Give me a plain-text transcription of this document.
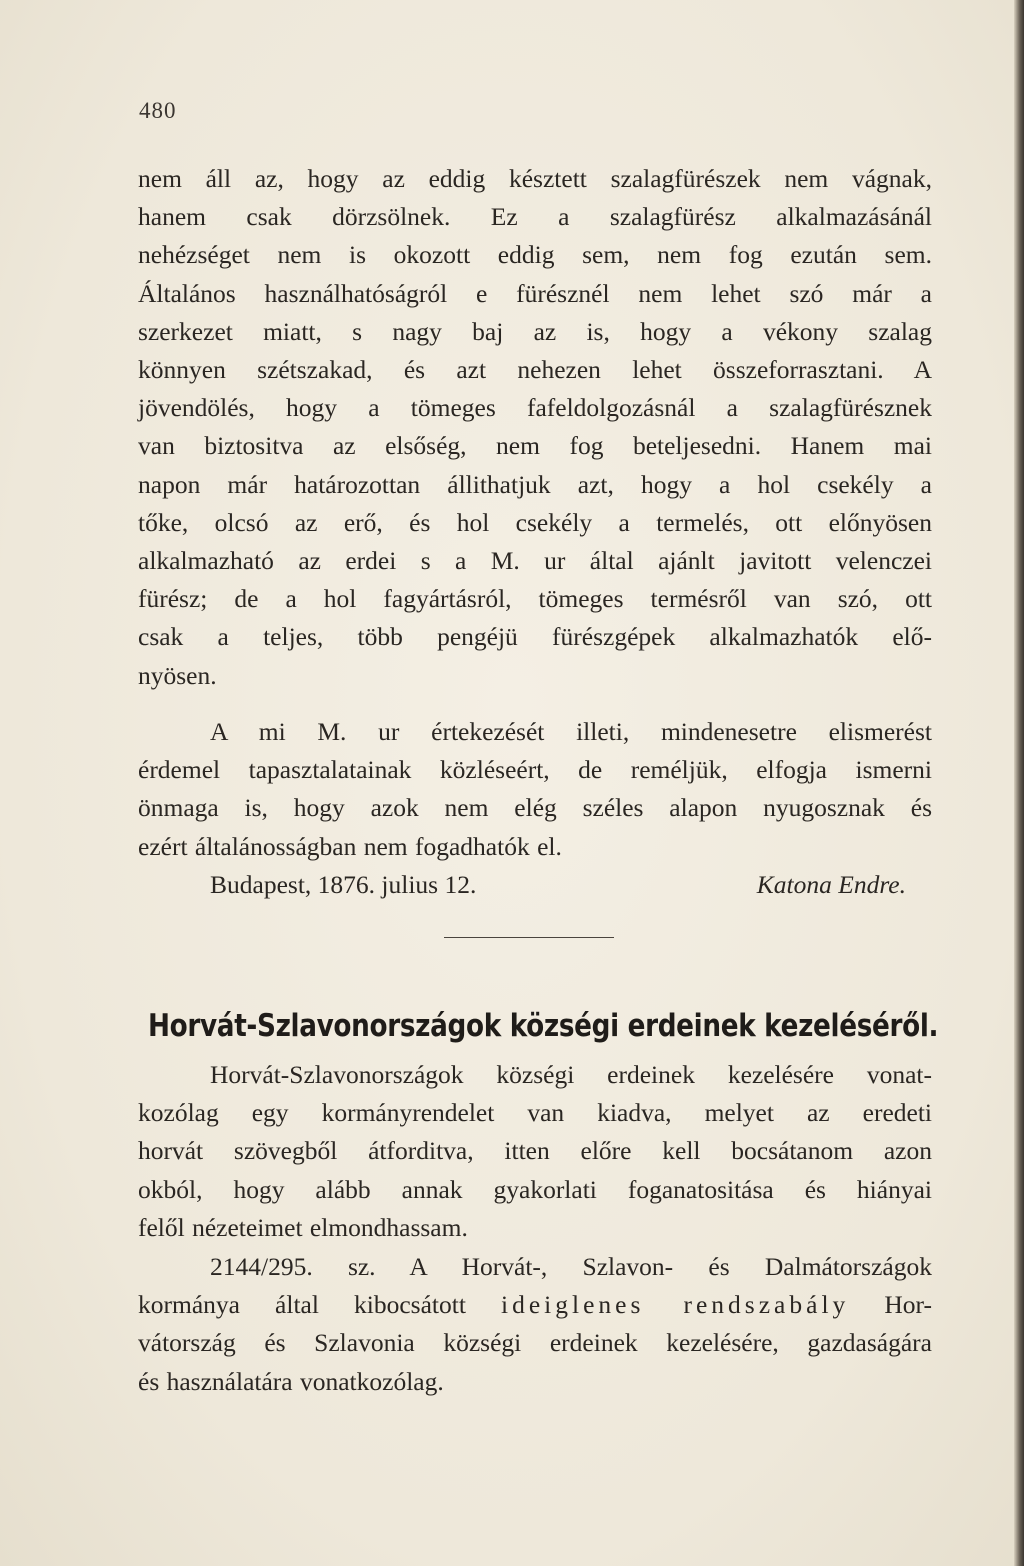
480

nem áll az, hogy az eddig késztett szalagfürészek nem vágnak,
hanem csak dörzsölnek. Ez a szalagfürész alkalmazásánál
nehézséget nem is okozott eddig sem, nem fog ezután sem.
Általános használhatóságról e fürésznél nem lehet szó már a
szerkezet miatt, s nagy baj az is, hogy a vékony szalag
könnyen szétszakad, és azt nehezen lehet összeforrasztani. A
jövendölés, hogy a tömeges fafeldolgozásnál a szalagfürésznek
van biztositva az elsőség, nem fog beteljesedni. Hanem mai
napon már határozottan állithatjuk azt, hogy a hol csekély a
tőke, olcsó az erő, és hol csekély a termelés, ott előnyösen
alkalmazható az erdei s a M. ur által ajánlt javitott velenczei
fürész; de a hol fagyártásról, tömeges termésről van szó, ott
csak a teljes, több pengéjü fürészgépek alkalmazhatók elő-
nyösen.

A mi M. ur értekezését illeti, mindenesetre elismerést
érdemel tapasztalatainak közléseért, de reméljük, elfogja ismerni
önmaga is, hogy azok nem elég széles alapon nyugosznak és
ezért általánosságban nem fogadhatók el.

Budapest, 1876. julius 12.	Katona Endre.
Horvát-Szlavonországok községi erdeinek kezeléséről.

Horvát-Szlavonországok községi erdeinek kezelésére vonat-
kozólag egy kormányrendelet van kiadva, melyet az eredeti
horvát szövegből átforditva, itten előre kell bocsátanom azon
okból, hogy alább annak gyakorlati foganatositása és hiányai
felől nézeteimet elmondhassam.

2144/295. sz. A Horvát-, Szlavon- és Dalmátországok
kormánya által kibocsátott ideiglenes rendszabály Hor-
vátország és Szlavonia községi erdeinek kezelésére, gazdaságára
és használatára vonatkozólag.
